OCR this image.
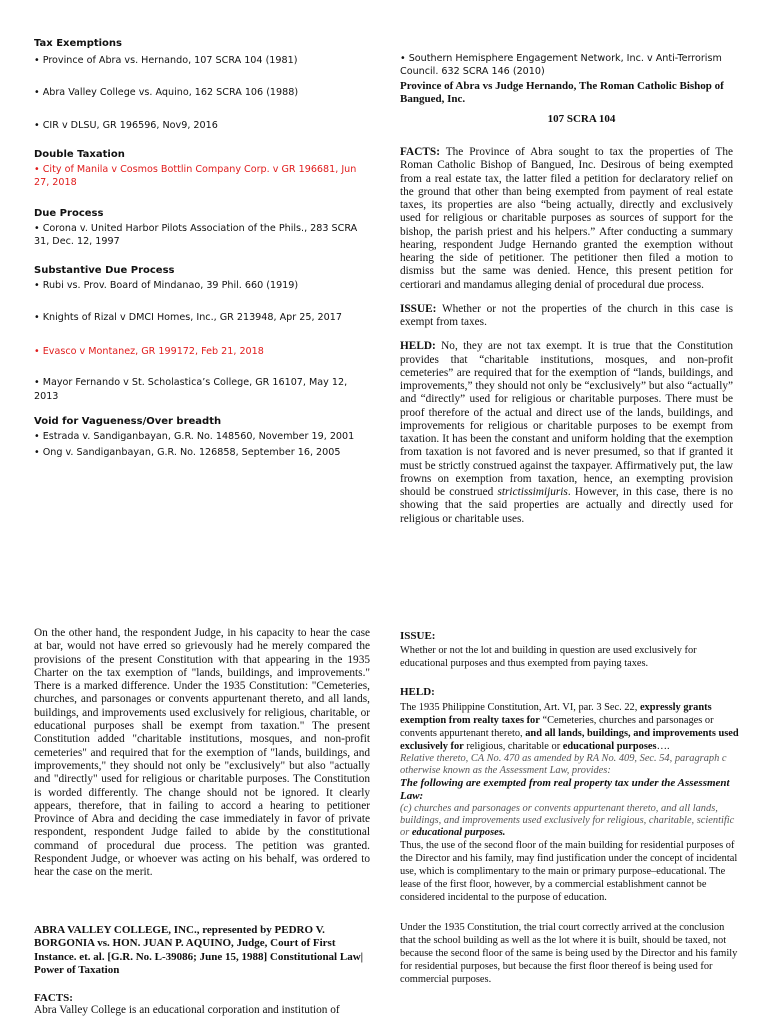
Tax Exemptions

• Province of Abra vs. Hernando, 107 SCRA 104 (1981)

• Abra Valley College vs. Aquino, 162 SCRA 106 (1988)

• CIR v DLSU, GR 196596, Nov9, 2016

Double Taxation

• City of Manila v Cosmos Bottlin Company Corp. v GR 196681, Jun 27, 2018

Due Process

• Corona v. United Harbor Pilots Association of the Phils., 283 SCRA 31, Dec. 12, 1997

Substantive Due Process

• Rubi vs. Prov. Board of Mindanao, 39 Phil. 660 (1919)

• Knights of Rizal v DMCI Homes, Inc., GR 213948, Apr 25, 2017

• Evasco v Montanez, GR 199172, Feb 21, 2018

• Mayor Fernando v St. Scholastica’s College, GR 16107, May 12, 2013

Void for Vagueness/Over breadth

• Estrada v. Sandiganbayan, G.R. No. 148560, November 19, 2001

• Ong v. Sandiganbayan, G.R. No. 126858, September 16, 2005

• Southern Hemisphere Engagement Network, Inc. v Anti-Terrorism Council. 632 SCRA 146 (2010)

Province of Abra vs Judge Hernando, The Roman Catholic Bishop of Bangued, Inc.

107 SCRA 104

FACTS: The Province of Abra sought to tax the properties of The Roman Catholic Bishop of Bangued, Inc. Desirous of being exempted from a real estate tax, the latter filed a petition for declaratory relief on the ground that other than being exempted from payment of real estate taxes, its properties are also “being actually, directly and exclusively used for religious or charitable purposes as sources of support for the bishop, the parish priest and his helpers.” After conducting a summary hearing, respondent Judge Hernando granted the exemption without hearing the side of petitioner. The petitioner then filed a motion to dismiss but the same was denied. Hence, this present petition for certiorari and mandamus alleging denial of procedural due process.

ISSUE: Whether or not the properties of the church in this case is exempt from taxes.

HELD: No, they are not tax exempt. It is true that the Constitution provides that “charitable institutions, mosques, and non-profit cemeteries” are required that for the exemption of “lands, buildings, and improvements,” they should not only be “exclusively” but also “actually” and “directly” used for religious or charitable purposes. There must be proof therefore of the actual and direct use of the lands, buildings, and improvements for religious or charitable purposes to be exempt from taxation. It has been the constant and uniform holding that the exemption from taxation is not favored and is never presumed, so that if granted it must be strictly construed against the taxpayer. Affirmatively put, the law frowns on exemption from taxation, hence, an exempting provision should be construed strictissimijuris. However, in this case, there is no showing that the said properties are actually and directly used for religious or charitable uses.

On the other hand, the respondent Judge, in his capacity to hear the case at bar, would not have erred so grievously had he merely compared the provisions of the present Constitution with that appearing in the 1935 Charter on the tax exemption of "lands, buildings, and improvements." There is a marked difference. Under the 1935 Constitution: "Cemeteries, churches, and parsonages or convents appurtenant thereto, and all lands, buildings, and improvements used exclusively for religious, charitable, or educational purposes shall be exempt from taxation." The present Constitution added "charitable institutions, mosques, and non-profit cemeteries" and required that for the exemption of "lands, buildings, and improvements," they should not only be "exclusively" but also "actually and "directly" used for religious or charitable purposes. The Constitution is worded differently. The change should not be ignored. It clearly appears, therefore, that in failing to accord a hearing to petitioner Province of Abra and deciding the case immediately in favor of private respondent, respondent Judge failed to abide by the constitutional command of procedural due process. The petition was granted. Respondent Judge, or whoever was acting on his behalf, was ordered to hear the case on the merit.

ABRA VALLEY COLLEGE, INC., represented by PEDRO V. BORGONIA vs. HON. JUAN P. AQUINO, Judge, Court of First Instance. et. al. [G.R. No. L-39086; June 15, 1988] Constitutional Law| Power of Taxation

FACTS:

Abra Valley College is an educational corporation and institution of

ISSUE:

Whether or not the lot and building in question are used exclusively for educational purposes and thus exempted from paying taxes.

HELD:

The 1935 Philippine Constitution, Art. VI, par. 3 Sec. 22, expressly grants exemption from realty taxes for “Cemeteries, churches and parsonages or convents appurtenant thereto, and all lands, buildings, and improvements used exclusively for religious, charitable or educational purposes….

Relative thereto, CA No. 470 as amended by RA No. 409, Sec. 54, paragraph c otherwise known as the Assessment Law, provides:

The following are exempted from real property tax under the Assessment Law:

(c) churches and parsonages or convents appurtenant thereto, and all lands, buildings, and improvements used exclusively for religious, charitable, scientific or educational purposes.

Thus, the use of the second floor of the main building for residential purposes of the Director and his family, may find justification under the concept of incidental use, which is complimentary to the main or primary purpose–educational. The lease of the first floor, however, by a commercial establishment cannot be considered incidental to the purpose of education.

Under the 1935 Constitution, the trial court correctly arrived at the conclusion that the school building as well as the lot where it is built, should be taxed, not because the second floor of the same is being used by the Director and his family for residential purposes, but because the first floor thereof is being used for commercial purposes.
